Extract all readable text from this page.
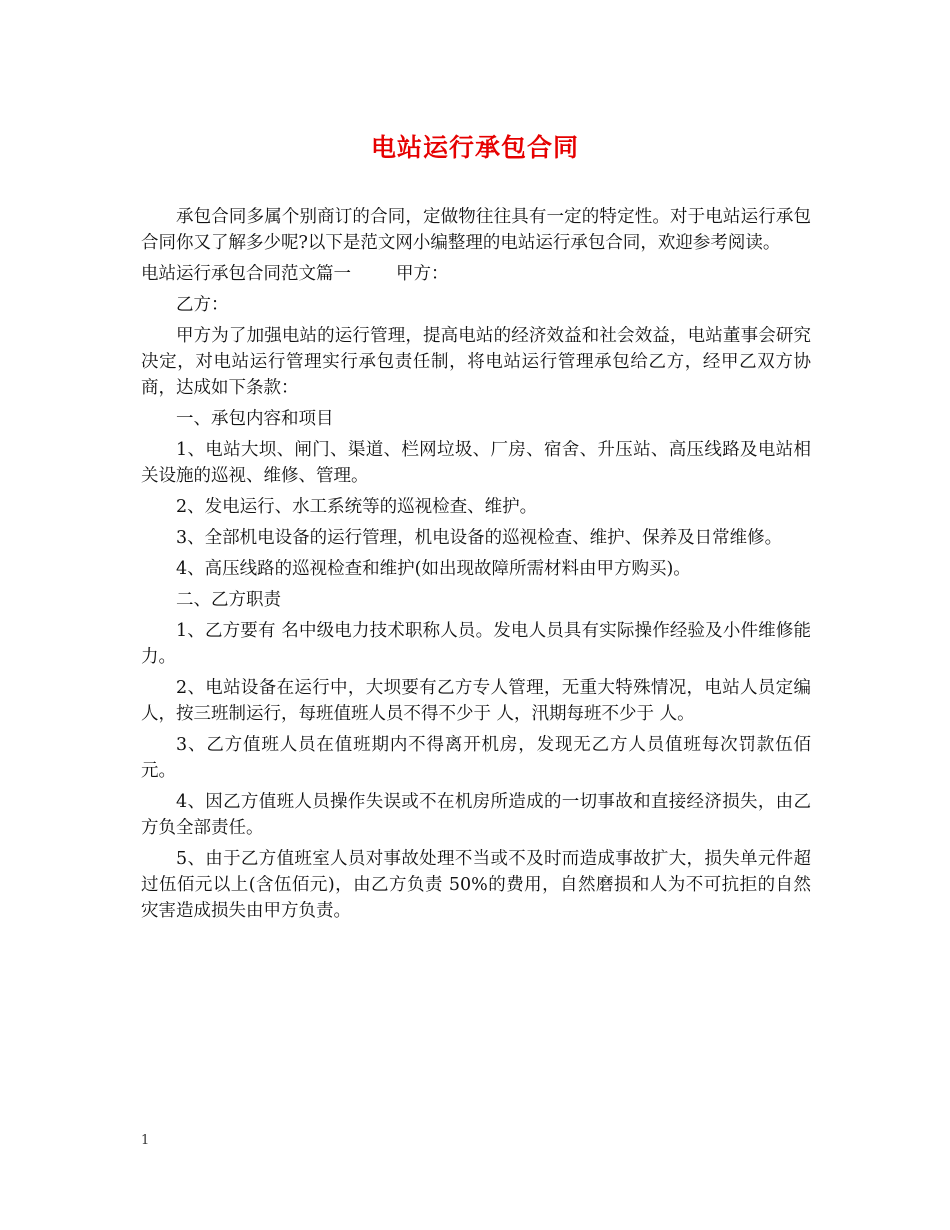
电站运行承包合同

承包合同多属个别商订的合同，定做物往往具有一定的特定性。对于电站运行承包合同你又了解多少呢?以下是范文网小编整理的电站运行承包合同，欢迎参考阅读。

电站运行承包合同范文篇一	甲方：

乙方：

甲方为了加强电站的运行管理，提高电站的经济效益和社会效益，电站董事会研究决定，对电站运行管理实行承包责任制，将电站运行管理承包给乙方，经甲乙双方协商，达成如下条款：

一、承包内容和项目

1、电站大坝、闸门、渠道、栏网垃圾、厂房、宿舍、升压站、高压线路及电站相关设施的巡视、维修、管理。

2、发电运行、水工系统等的巡视检查、维护。

3、全部机电设备的运行管理，机电设备的巡视检查、维护、保养及日常维修。

4、高压线路的巡视检查和维护(如出现故障所需材料由甲方购买)。

二、乙方职责

1、乙方要有 名中级电力技术职称人员。发电人员具有实际操作经验及小件维修能力。

2、电站设备在运行中，大坝要有乙方专人管理，无重大特殊情况，电站人员定编 人，按三班制运行，每班值班人员不得不少于 人，汛期每班不少于 人。

3、乙方值班人员在值班期内不得离开机房，发现无乙方人员值班每次罚款伍佰元。

4、因乙方值班人员操作失误或不在机房所造成的一切事故和直接经济损失，由乙方负全部责任。

5、由于乙方值班室人员对事故处理不当或不及时而造成事故扩大，损失单元件超过伍佰元以上(含伍佰元)，由乙方负责 50%的费用，自然磨损和人为不可抗拒的自然灾害造成损失由甲方负责。

1
